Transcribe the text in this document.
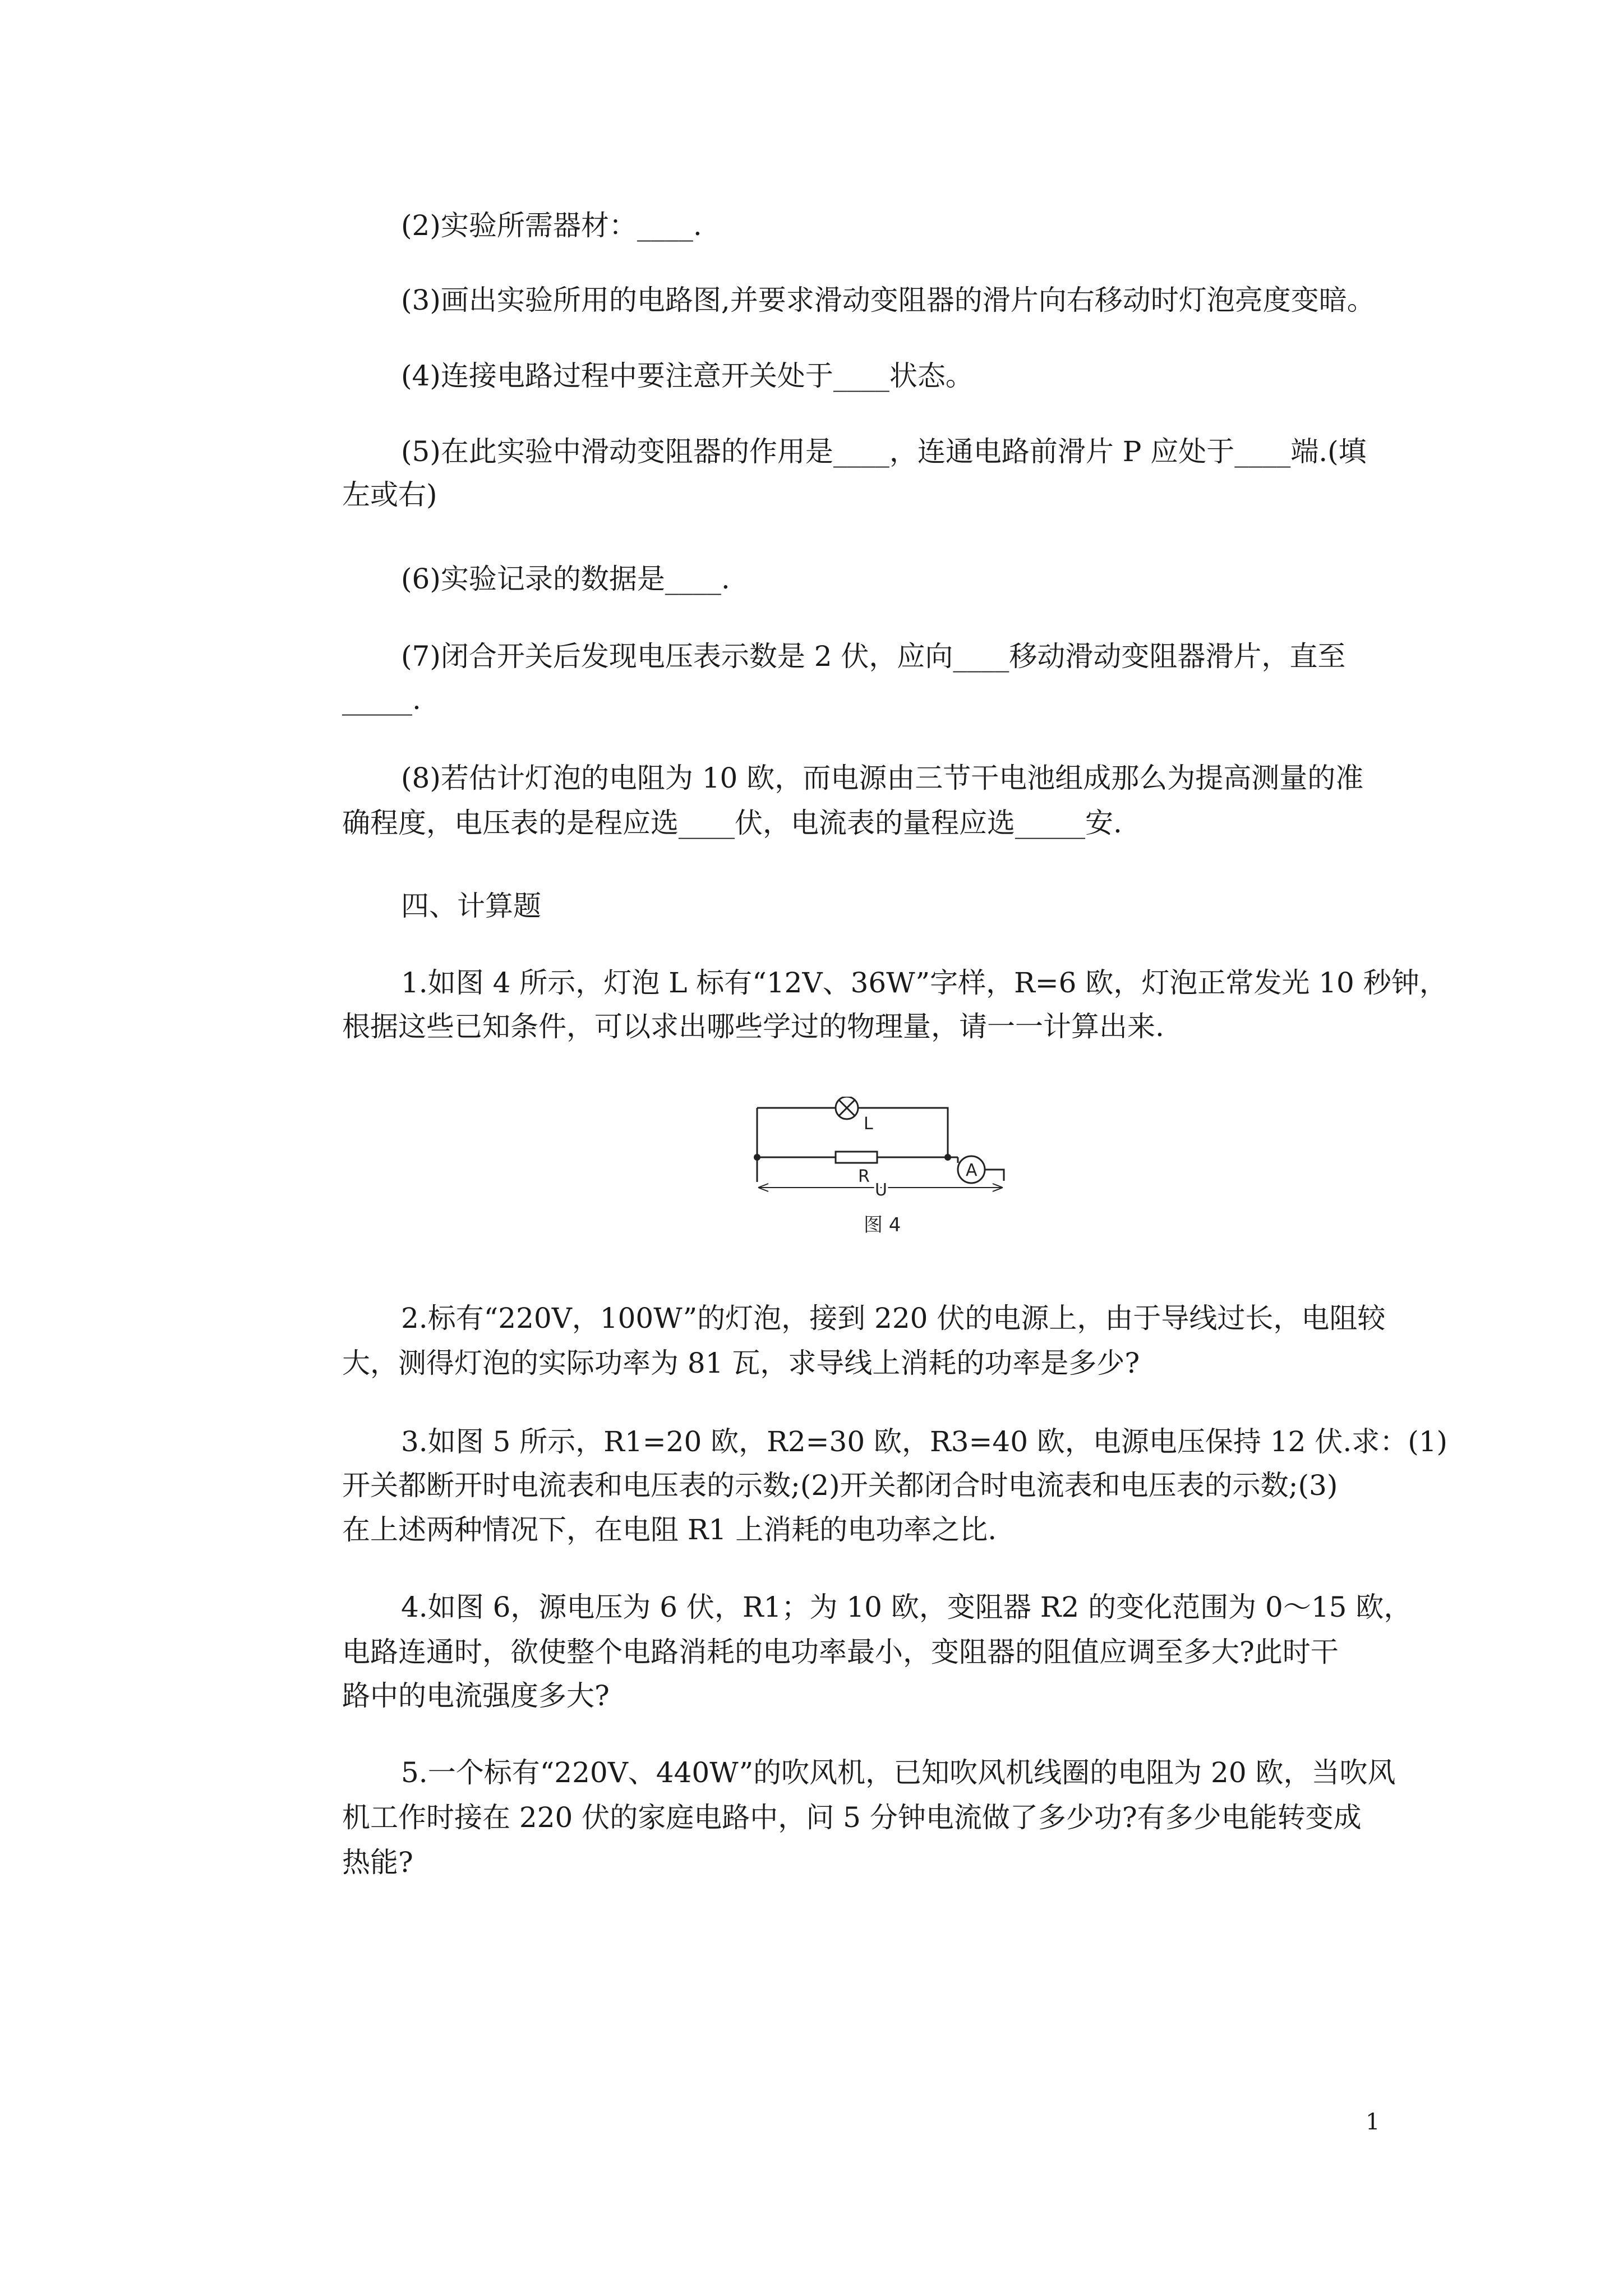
(2)实验所需器材：____.
(3)画出实验所用的电路图,并要求滑动变阻器的滑片向右移动时灯泡亮度变暗。
(4)连接电路过程中要注意开关处于____状态。
(5)在此实验中滑动变阻器的作用是____，连通电路前滑片 P 应处于____端.(填
左或右)
(6)实验记录的数据是____.
(7)闭合开关后发现电压表示数是 2 伏，应向____移动滑动变阻器滑片，直至
_____.
(8)若估计灯泡的电阻为 10 欧，而电源由三节干电池组成那么为提高测量的准
确程度，电压表的是程应选____伏，电流表的量程应选_____安.
四、计算题
1.如图 4 所示，灯泡 L 标有“12V、36W”字样，R=6 欧，灯泡正常发光 10 秒钟，
根据这些已知条件，可以求出哪些学过的物理量，请一一计算出来.
2.标有“220V，100W”的灯泡，接到 220 伏的电源上，由于导线过长，电阻较
大，测得灯泡的实际功率为 81 瓦，求导线上消耗的功率是多少?
3.如图 5 所示，R1=20 欧，R2=30 欧，R3=40 欧，电源电压保持 12 伏.求：(1)
开关都断开时电流表和电压表的示数;(2)开关都闭合时电流表和电压表的示数;(3)
在上述两种情况下，在电阻 R1 上消耗的电功率之比.
4.如图 6，源电压为 6 伏，R1；为 10 欧，变阻器 R2 的变化范围为 0～15 欧，
电路连通时，欲使整个电路消耗的电功率最小，变阻器的阻值应调至多大?此时干
路中的电流强度多大?
5.一个标有“220V、440W”的吹风机，已知吹风机线圈的电阻为 20 欧，当吹风
机工作时接在 220 伏的家庭电路中，问 5 分钟电流做了多少功?有多少电能转变成
热能?
L
R	A
U
图 4
1
